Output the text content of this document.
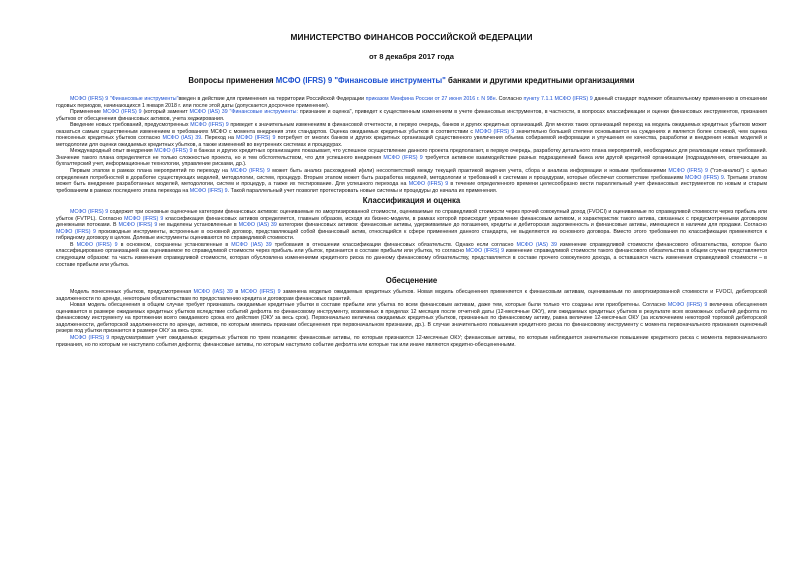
МИНИСТЕРСТВО ФИНАНСОВ РОССИЙСКОЙ ФЕДЕРАЦИИ
от 8 декабря 2017 года
Вопросы применения МСФО (IFRS) 9 "Финансовые инструменты" банками и другими кредитными организациями

МСФО (IFRS) 9 "Финансовые инструменты"введен в действие для применения на территории Российской Федерации приказом Минфина России от 27 июня 2016 г. N 98н. Согласно пункту 7.1.1 МСФО (IFRS) 9 данный стандарт подлежит обязательному применению в отношении годовых периодов, начинающихся 1 января 2018 г. или после этой даты (допускается досрочное применение).

Применение МСФО (IFRS) 9 (который заменит МСФО (IAS) 39 "Финансовые инструменты: признание и оценка", приведет к существенным изменениям в учете финансовых инструментов, в частности, в вопросах классификации и оценки финансовых инструментов, признания убытков от обесценения финансовых активов, учета хеджирования.

Введение новых требований, предусмотренных МСФО (IFRS) 9 приведет к значительным изменениям в финансовой отчетности, в первую очередь, банков и других кредитных организаций. Для многих таких организаций переход на модель ожидаемых кредитных убытков может оказаться самым существенным изменением в требованиях МСФО с момента внедрения этих стандартов. Оценка ожидаемых кредитных убытков в соответствии с МСФО (IFRS) 9 значительно большей степени основывается на суждениях и является более сложной, чем оценка понесенных кредитных убытков согласно МСФО (IAS) 39. Переход на МСФО (IFRS) 9 потребует от многих банков и других кредитных организаций существенного увеличения объема собираемой информации и улучшения ее качества, разработки и внедрения новых моделей и методологии для оценки ожидаемых кредитных убытков, а также изменений во внутренних системах и процедурах.

Международный опыт внедрения МСФО (IFRS) 9 в банках и других кредитных организациях показывает, что успешное осуществление данного проекта предполагает, в первую очередь, разработку детального плана мероприятий, необходимых для реализации новых требований. Значение такого плана определяется не только сложностью проекта, но и тем обстоятельством, что для успешного внедрения МСФО (IFRS) 9 требуется активное взаимодействие разных подразделений банка или другой кредитной организации (подразделения, отвечающие за бухгалтерский учет, информационные технологии, управление рисками, др.).

Первым этапом в рамках плана мероприятий по переходу на МСФО (IFRS) 9 может быть анализ расхождений и(или) несоответствий между текущей практикой ведения учета, сбора и анализа информации и новыми требованиями МСФО (IFRS) 9 ("гэп-анализ") с целью определения потребностей в доработке существующих моделей, методологии, систем, процедур. Вторым этапом может быть разработка моделей, методологии и требований к системам и процедурам, которые обеспечат соответствие требованиям МСФО (IFRS) 9. Третьим этапом может быть внедрение разработанных моделей, методологии, систем и процедур, а также их тестирование. Для успешного перехода на МСФО (IFRS) 9 в течение определенного времени целесообразно вести параллельный учет финансовых инструментов по новым и старым требованиям в рамках последнего этапа перехода на МСФО (IFRS) 9. Такой параллельный учет позволит протестировать новые системы и процедуры до начала их применения.

Классификация и оценка

МСФО (IFRS) 9 содержит три основные оценочные категории финансовых активов: оцениваемые по амортизированной стоимости, оцениваемые по справедливой стоимости через прочий совокупный доход (FVOCI) и оцениваемые по справедливой стоимости через прибыль или убыток (FVTPL). Согласно МСФО (IFRS) 9 классификация финансовых активов определяется, главным образом, исходя из бизнес-модели, в рамках которой происходит управление финансовым активом, и характеристик такого актива, связанных с предусмотренными договором денежными потоками. В МСФО (IFRS) 9 не выделены установленные в МСФО (IAS) 39 категории финансовых активов: финансовые активы, удерживаемые до погашения, кредиты и дебиторская задолженность и финансовые активы, имеющиеся в наличии для продажи. Согласно МСФО (IFRS) 9 производные инструменты, встроенные в основной договор, представляющий собой финансовый актив, относящийся к сфере применения данного стандарта, не выделяются из основного договора. Вместо этого требования по классификации применяются к гибридному договору в целом. Долевые инструменты оцениваются по справедливой стоимости.

В МСФО (IFRS) 9 в основном, сохранены установленные в МСФО (IAS) 39 требования в отношении классификации финансовых обязательств. Однако если согласно МСФО (IAS) 39 изменение справедливой стоимости финансового обязательства, которое было классифицировано организацией как оцениваемое по справедливой стоимости через прибыль или убыток, признается в составе прибыли или убытка, то согласно МСФО (IFRS) 9 изменение справедливой стоимости такого финансового обязательства в общем случае представляется следующим образом: та часть изменения справедливой стоимости, которая обусловлена изменениями кредитного риска по данному финансовому обязательству, представляется в составе прочего совокупного дохода, а оставшаяся часть изменения справедливой стоимости – в составе прибыли или убытка.

Обесценение

Модель понесенных убытков, предусмотренная МСФО (IAS) 39 в МСФО (IFRS) 9 заменена моделью ожидаемых кредитных убытков. Новая модель обесценения применяется к финансовым активам, оцениваемым по амортизированной стоимости и FVOCI, дебиторской задолженности по аренде, некоторым обязательствам по предоставлению кредита и договорам финансовых гарантий.

Новая модель обесценения в общем случае требует признавать ожидаемые кредитные убытки в составе прибыли или убытка по всем финансовым активам, даже тем, которые были только что созданы или приобретены. Согласно МСФО (IFRS) 9 величина обесценения оценивается в размере ожидаемых кредитных убытков вследствие событий дефолта по финансовому инструменту, возможных в пределах 12 месяцев после отчетной даты (12-месячные ОКУ), или ожидаемых кредитных убытков в результате всех возможных событий дефолта по финансовому инструменту на протяжении всего ожидаемого срока его действия (ОКУ за весь срок). Первоначально величина ожидаемых кредитных убытков, признанных по финансовому активу, равна величине 12-месячных ОКУ (за исключением некоторой торговой дебиторской задолженности, дебиторской задолженности по аренде, активов, по которым имелись признаки обесценения при первоначальном признании, др.). В случае значительного повышения кредитного риска по финансовому инструменту с момента первоначального признания оценочный резерв под убытки признается в размере ОКУ за весь срок.

МСФО (IFRS) 9 предусматривает учет ожидаемых кредитных убытков по трем позициям: финансовые активы, по которым признаются 12-месячные ОКУ; финансовые активы, по которым наблюдается значительное повышение кредитного риска с момента первоначального признания, но по которым не наступило события дефолта; финансовые активы, по которым наступило событие дефолта или которые так или иначе являются кредитно-обесцененными.
